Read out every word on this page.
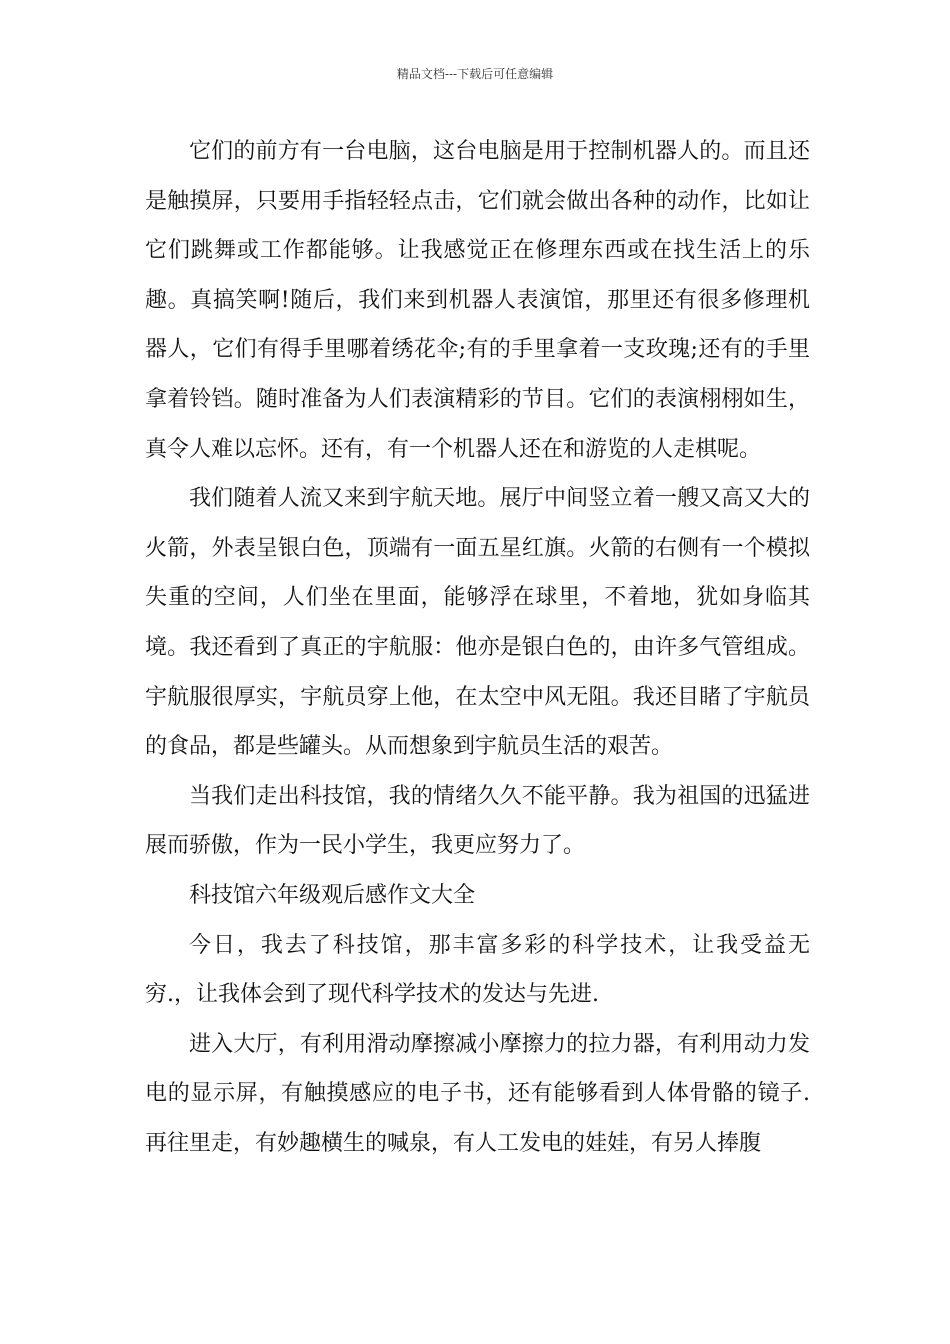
精品文档---下载后可任意编辑

它们的前方有一台电脑，这台电脑是用于控制机器人的。而且还是触摸屏，只要用手指轻轻点击，它们就会做出各种的动作，比如让它们跳舞或工作都能够。让我感觉正在修理东西或在找生活上的乐趣。真搞笑啊!随后，我们来到机器人表演馆，那里还有很多修理机器人，它们有得手里哪着绣花伞;有的手里拿着一支玫瑰;还有的手里拿着铃铛。随时准备为人们表演精彩的节目。它们的表演栩栩如生，真令人难以忘怀。还有，有一个机器人还在和游览的人走棋呢。

我们随着人流又来到宇航天地。展厅中间竖立着一艘又高又大的火箭，外表呈银白色，顶端有一面五星红旗。火箭的右侧有一个模拟失重的空间，人们坐在里面，能够浮在球里，不着地，犹如身临其境。我还看到了真正的宇航服：他亦是银白色的，由许多气管组成。宇航服很厚实，宇航员穿上他，在太空中风无阻。我还目睹了宇航员的食品，都是些罐头。从而想象到宇航员生活的艰苦。

当我们走出科技馆，我的情绪久久不能平静。我为祖国的迅猛进展而骄傲，作为一民小学生，我更应努力了。

科技馆六年级观后感作文大全

今日，我去了科技馆，那丰富多彩的科学技术，让我受益无穷.，让我体会到了现代科学技术的发达与先进.

进入大厅，有利用滑动摩擦减小摩擦力的拉力器，有利用动力发电的显示屏，有触摸感应的电子书，还有能够看到人体骨骼的镜子.再往里走，有妙趣横生的喊泉，有人工发电的娃娃，有另人捧腹
